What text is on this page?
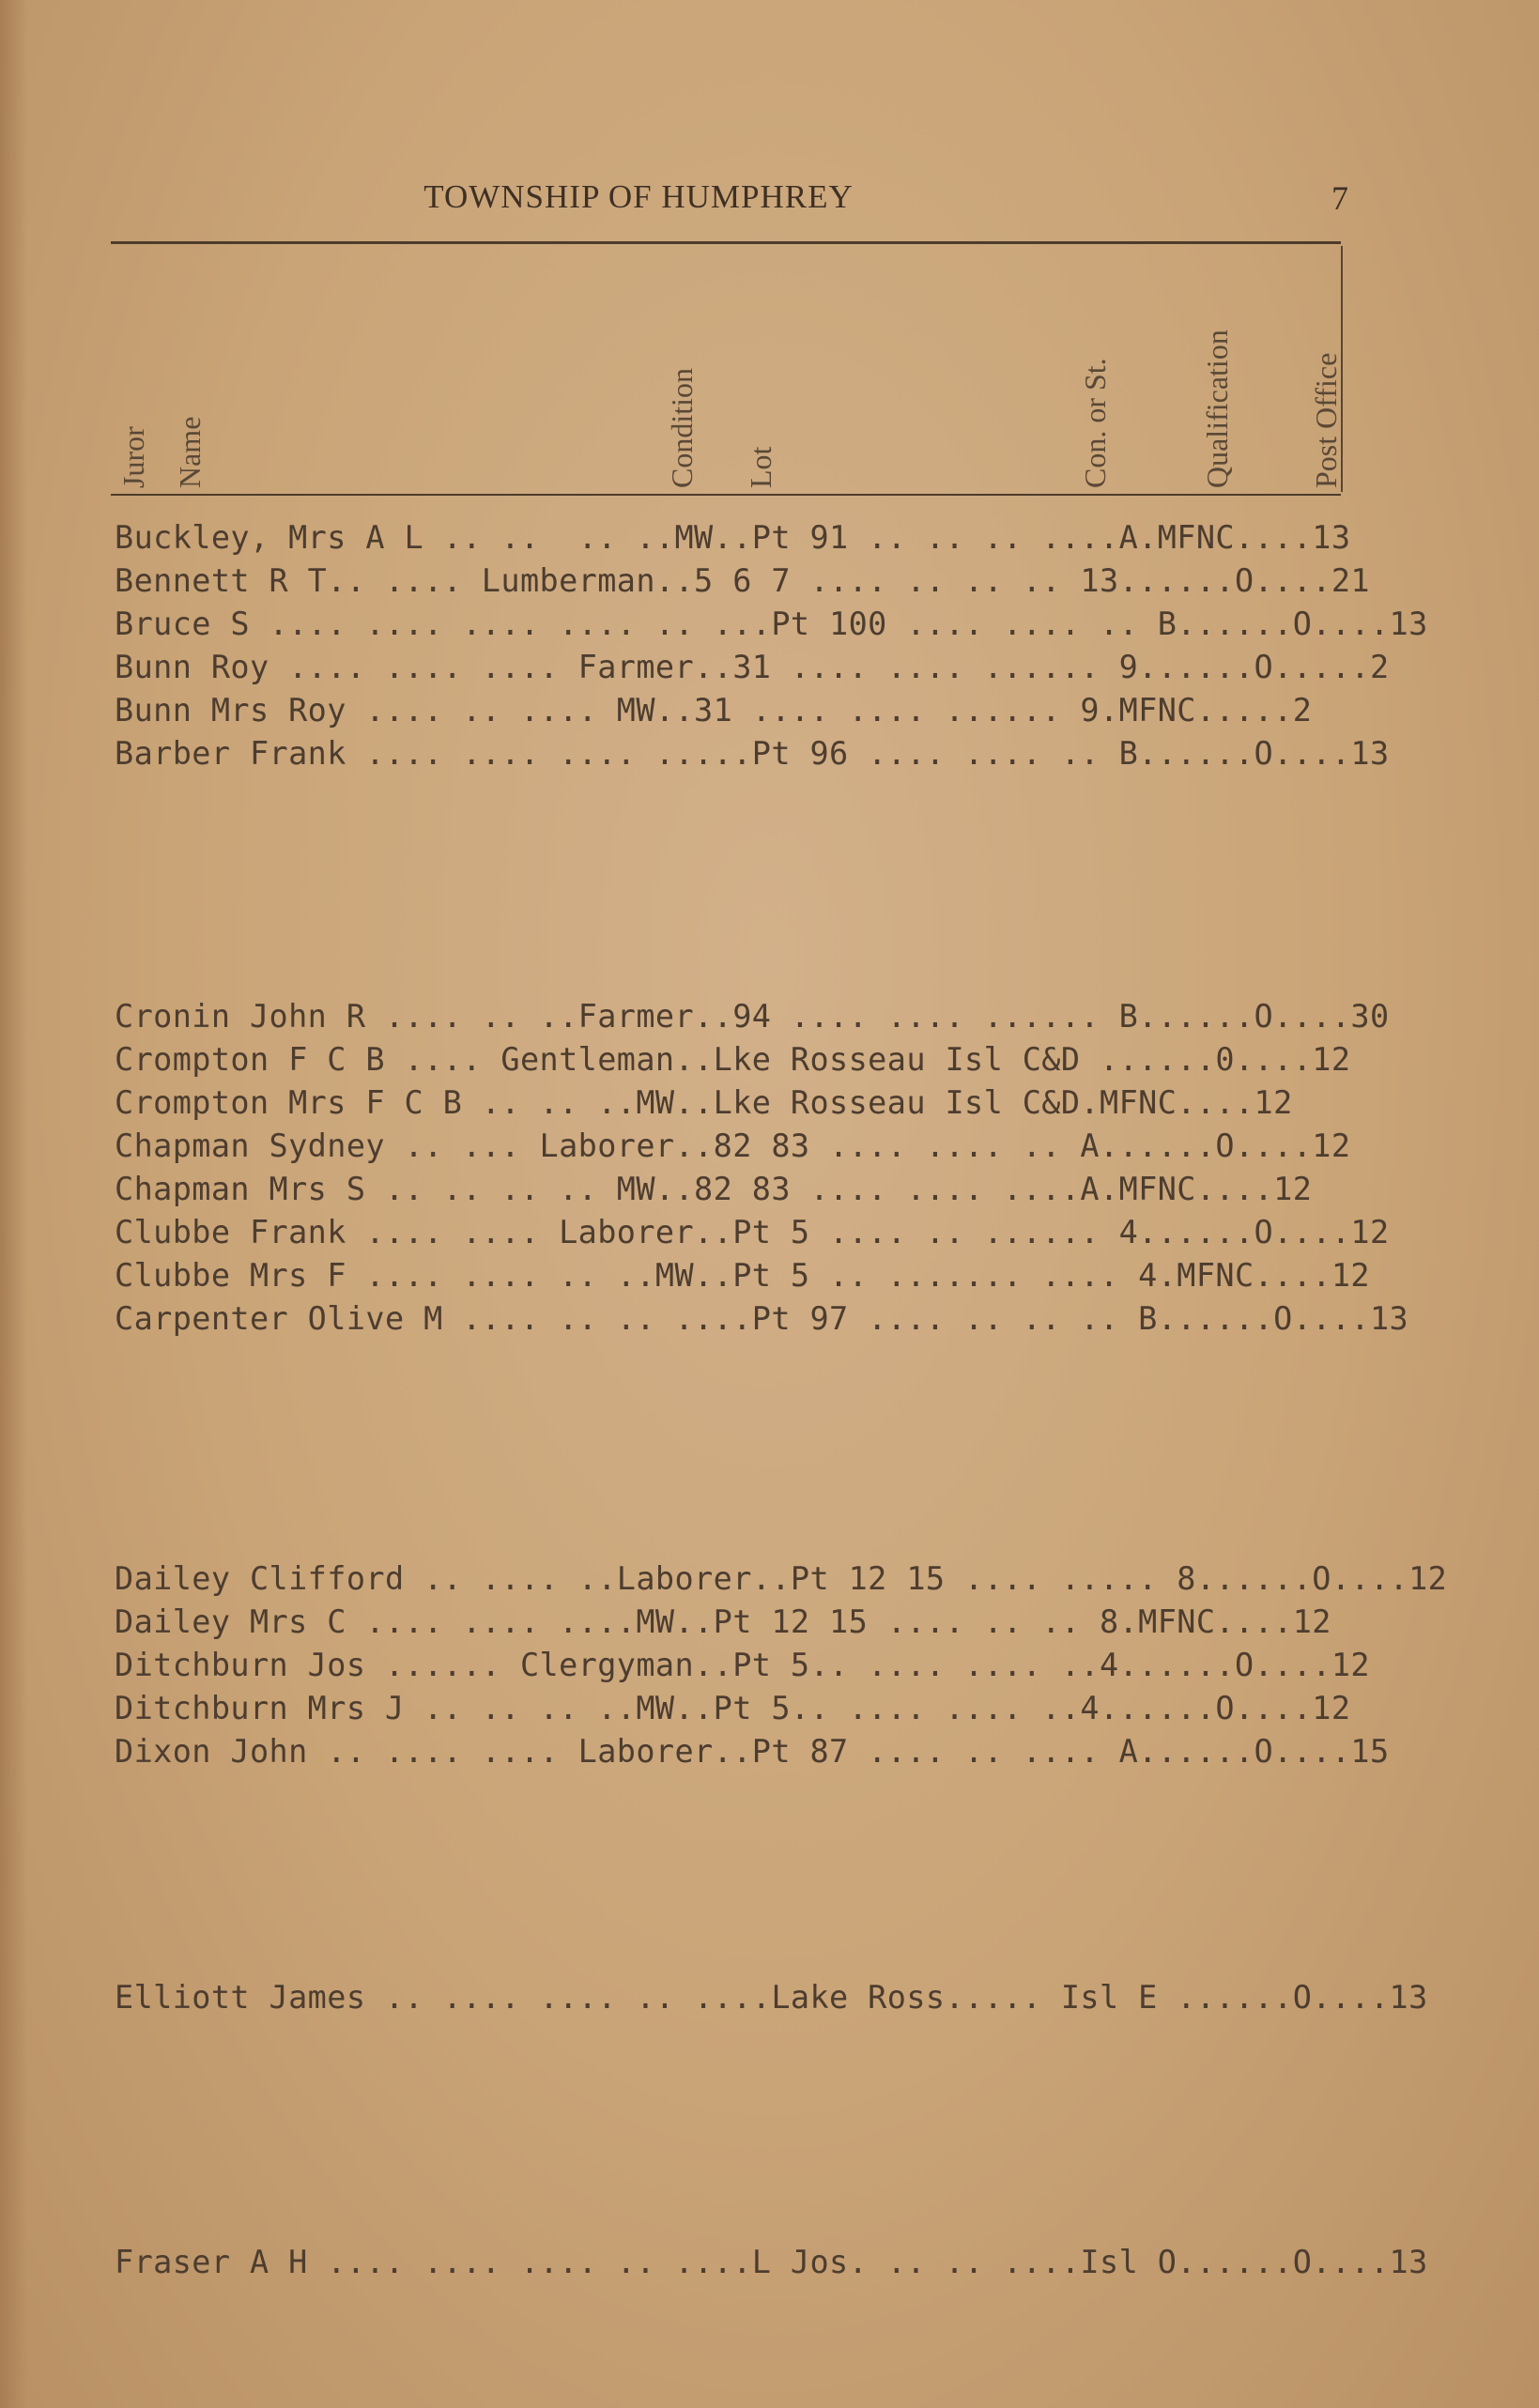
TOWNSHIP OF HUMPHREY	7
Juror Name	Condition Lot	Con. or St.	Qualification	Post Office
Buckley, Mrs A L .. ..  .. ..MW..Pt 91 .. .. .. ....A.MFNC....13
Bennett R T.. .... Lumberman..5 6 7 .... .. .. .. 13......O....21
Bruce S .... .... .... .... .. ...Pt 100 .... .... .. B......O....13
Bunn Roy .... .... .... Farmer..31 .... .... ...... 9......O.....2
Bunn Mrs Roy .... .. .... MW..31 .... .... ...... 9.MFNC.....2
Barber Frank .... .... .... .....Pt 96 .... .... .. B......O....13
Cronin John R .... .. ..Farmer..94 .... .... ...... B......O....30
Crompton F C B .... Gentleman..Lke Rosseau Isl C&D ......0....12
Crompton Mrs F C B .. .. ..MW..Lke Rosseau Isl C&D.MFNC....12
Chapman Sydney .. ... Laborer..82 83 .... .... .. A......O....12
Chapman Mrs S .. .. .. .. MW..82 83 .... .... ....A.MFNC....12
Clubbe Frank .... .... Laborer..Pt 5 .... .. ...... 4......O....12
Clubbe Mrs F .... .... .. ..MW..Pt 5 .. ....... .... 4.MFNC....12
Carpenter Olive M .... .. .. ....Pt 97 .... .. .. .. B......O....13
Dailey Clifford .. .... ..Laborer..Pt 12 15 .... ..... 8......O....12
Dailey Mrs C .... .... ....MW..Pt 12 15 .... .. .. 8.MFNC....12
Ditchburn Jos ...... Clergyman..Pt 5.. .... .... ..4......O....12
Ditchburn Mrs J .. .. .. ..MW..Pt 5.. .... .... ..4......O....12
Dixon John .. .... .... Laborer..Pt 87 .... .. .... A......O....15
Elliott James .. .... .... .. ....Lake Ross..... Isl E ......O....13
Fraser A H .... .... .... .. ....L Jos. .. .. ....Isl O......O....13
